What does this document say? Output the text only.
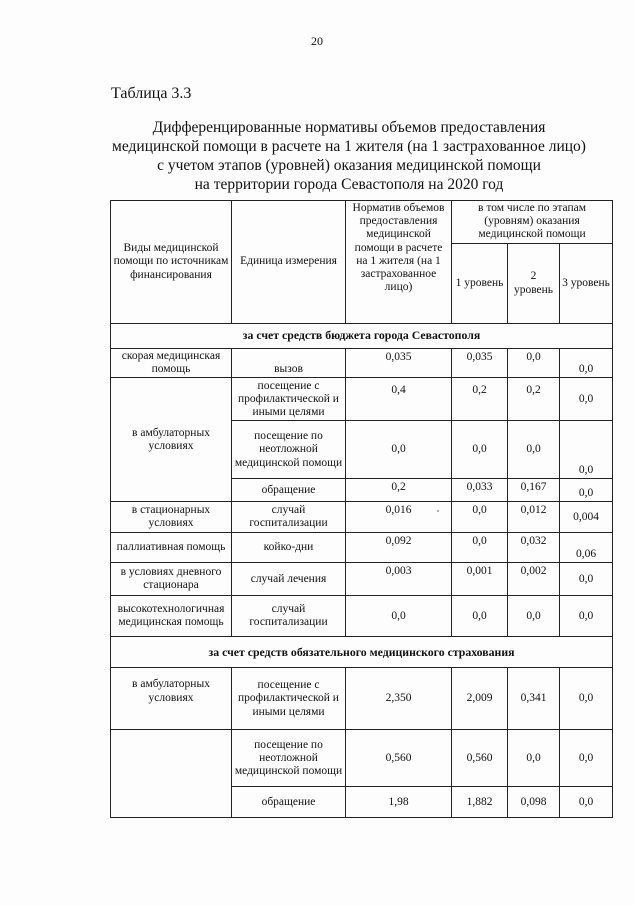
20
Таблица 3.3
Дифференцированные нормативы объемов предоставления
медицинской помощи в расчете на 1 жителя (на 1 застрахованное лицо)
с учетом этапов (уровней) оказания медицинской помощи
на территории города Севастополя на 2020 год
Виды медицинской помощи по источникам финансирования	Единица измерения	Норматив объемов предоставления медицинской помощи в расчете на 1 жителя (на 1 застрахованное лицо)	в том числе по этапам (уровням) оказания медицинской помощи		
			1 уровень	2 уровень	3 уровень
за счет средств бюджета города Севастополя					
скорая медицинская помощь	вызов	0,035	0,035	0,0	0,0
в амбулаторных условиях	посещение с профилактической и иными целями	0,4	0,2	0,2	0,0
	посещение по неотложной медицинской помощи	0,0	0,0	0,0	0,0
	обращение	0,2	0,033	0,167	0,0
в стационарных условиях	случай госпитализации	0,016	0,0	0,012	0,004
паллиативная помощь	койко-дни	0,092	0,0	0,032	0,06
в условиях дневного стационара	случай лечения	0,003	0,001	0,002	0,0
высокотехнологичная медицинская помощь	случай госпитализации	0,0	0,0	0,0	0,0
за счет средств обязательного медицинского страхования					
в амбулаторных условиях	посещение с профилактической и иными целями	2,350	2,009	0,341	0,0
	посещение по неотложной медицинской помощи	0,560	0,560	0,0	0,0
	обращение	1,98	1,882	0,098	0,0
